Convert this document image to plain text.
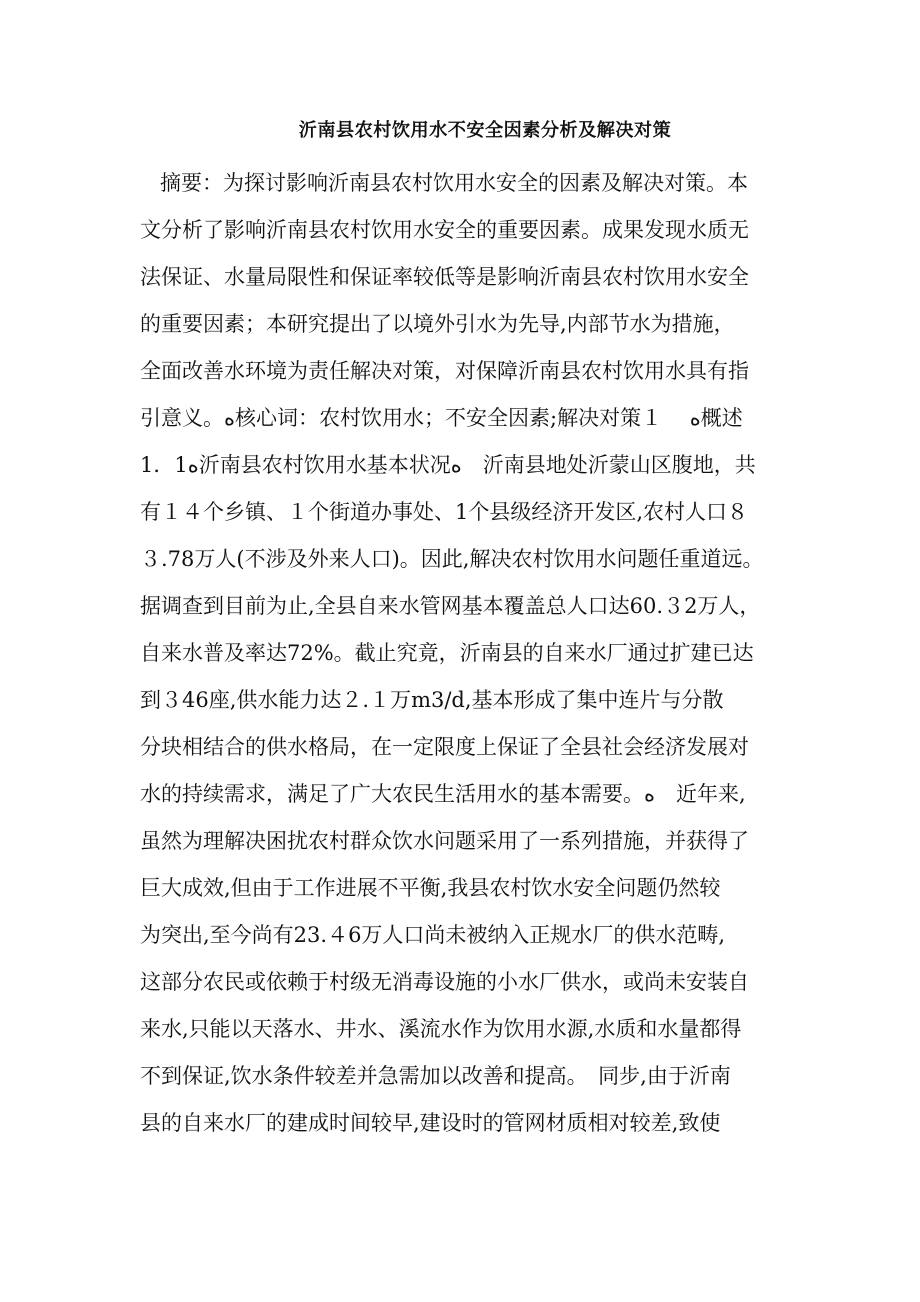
沂南县农村饮用水不安全因素分析及解决对策
摘要：为探讨影响沂南县农村饮用水安全的因素及解决对策。本
文分析了影响沂南县农村饮用水安全的重要因素。成果发现水质无
法保证、水量局限性和保证率较低等是影响沂南县农村饮用水安全
的重要因素；本研究提出了以境外引水为先导,内部节水为措施，
全面改善水环境为责任解决对策，对保障沂南县农村饮用水具有指
引意义。ﻩ核心词：农村饮用水；不安全因素;解决对策１　 ﻩ概述
1．1ﻩ沂南县农村饮用水基本状况ﻩ　沂南县地处沂蒙山区腹地，共
有１４个乡镇、１个街道办事处、1个县级经济开发区,农村人口８
３.78万人(不涉及外来人口)。因此,解决农村饮用水问题任重道远。
据调查到目前为止,全县自来水管网基本覆盖总人口达60.３2万人，
自来水普及率达72%。截止究竟，沂南县的自来水厂通过扩建已达
到３46座,供水能力达２.１万m3/d,基本形成了集中连片与分散
分块相结合的供水格局，在一定限度上保证了全县社会经济发展对
水的持续需求，满足了广大农民生活用水的基本需要。ﻩ　近年来,
虽然为理解决困扰农村群众饮水问题采用了一系列措施，并获得了
巨大成效,但由于工作进展不平衡,我县农村饮水安全问题仍然较
为突出,至今尚有23.４6万人口尚未被纳入正规水厂的供水范畴,
这部分农民或依赖于村级无消毒设施的小水厂供水，或尚未安装自
来水,只能以天落水、井水、溪流水作为饮用水源,水质和水量都得
不到保证,饮水条件较差并急需加以改善和提高。　同步,由于沂南
县的自来水厂的建成时间较早,建设时的管网材质相对较差,致使
